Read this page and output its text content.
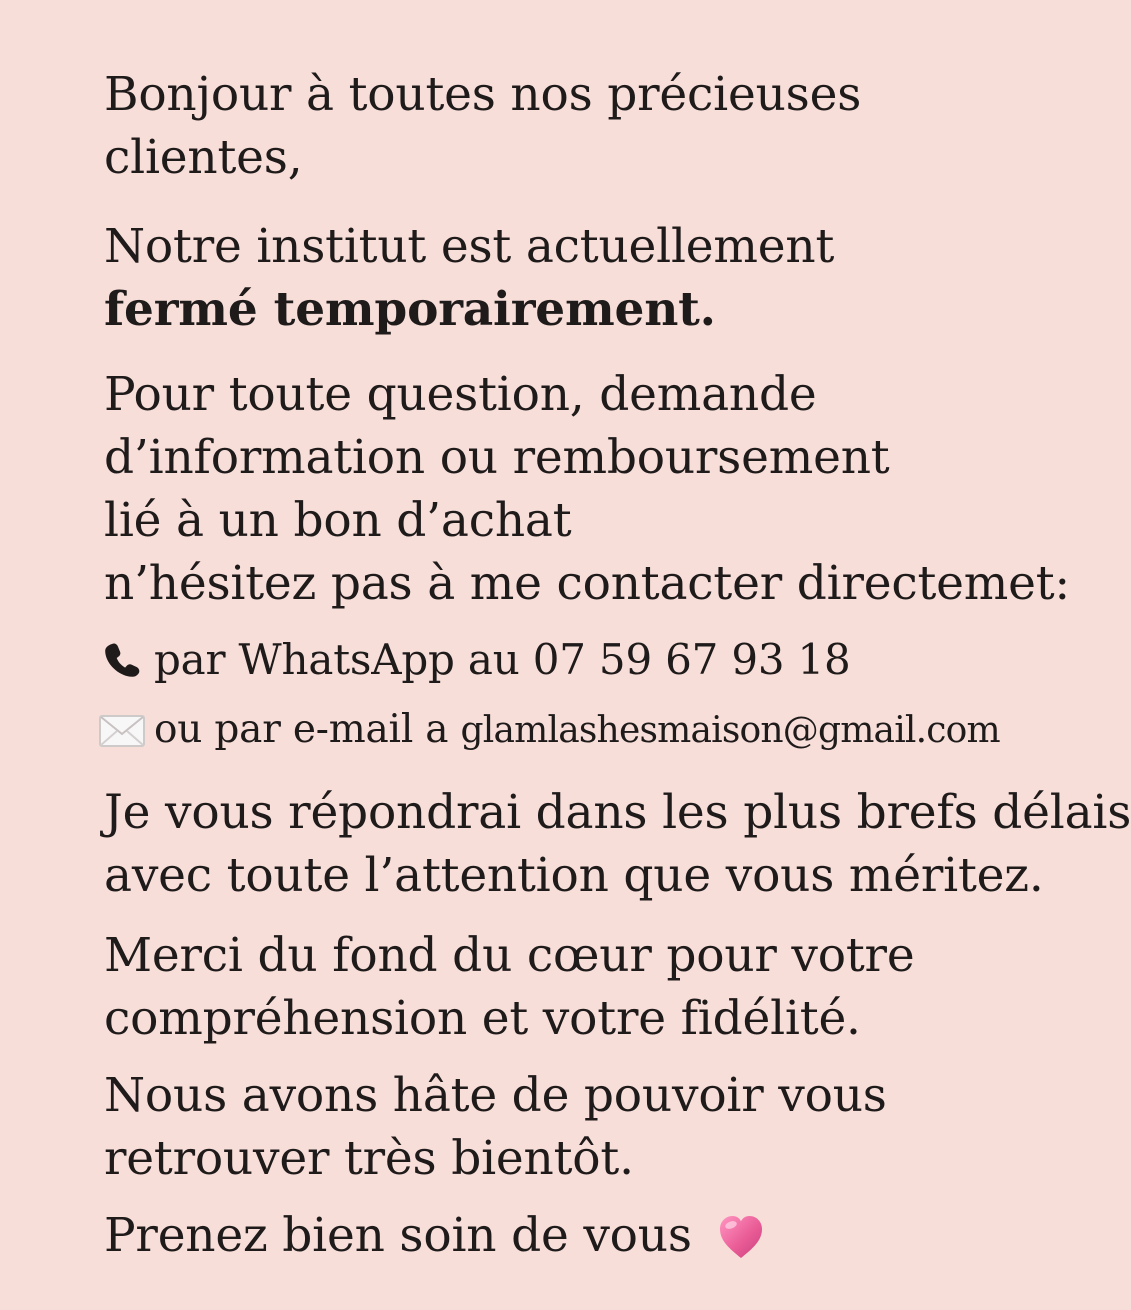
Bonjour à toutes nos précieuses
clientes,
Notre institut est actuellement
fermé temporairement.
Pour toute question, demande
d’information ou remboursement
lié à un bon d’achat
n’hésitez pas à me contacter directemet:
par WhatsApp au 07 59 67 93 18
ou par e-mail a glamlashesmaison@gmail.com
Je vous répondrai dans les plus brefs délais
avec toute l’attention que vous méritez.
Merci du fond du cœur pour votre
compréhension et votre fidélité.
Nous avons hâte de pouvoir vous
retrouver très bientôt.
Prenez bien soin de vous
